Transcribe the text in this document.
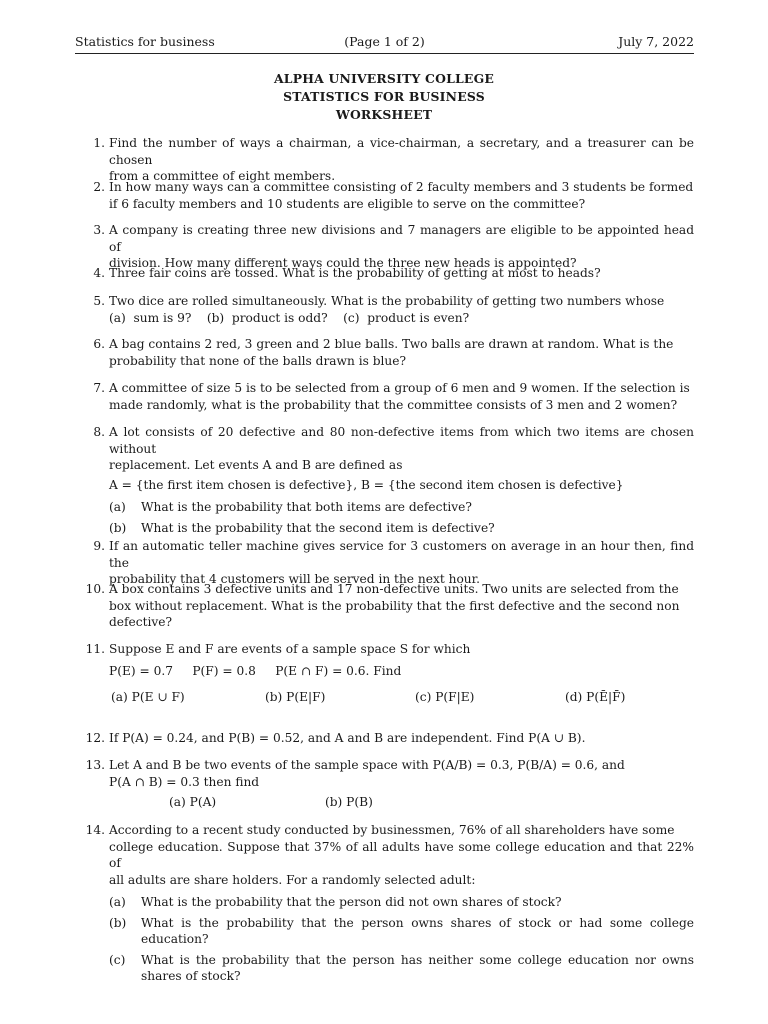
Statistics for business	(Page 1 of 2)	July 7, 2022
ALPHA UNIVERSITY COLLEGE
STATISTICS FOR BUSINESS
WORKSHEET
1. Find the number of ways a chairman, a vice-chairman, a secretary, and a treasurer can be chosen
from a committee of eight members.
2. In how many ways can a committee consisting of 2 faculty members and 3 students be formed
if 6 faculty members and 10 students are eligible to serve on the committee?
3. A company is creating three new divisions and 7 managers are eligible to be appointed head of
division. How many different ways could the three new heads is appointed?
4. Three fair coins are tossed. What is the probability of getting at most to heads?
5. Two dice are rolled simultaneously. What is the probability of getting two numbers whose
(a)  sum is 9?    (b)  product is odd?    (c)  product is even?
6. A bag contains 2 red, 3 green and 2 blue balls. Two balls are drawn at random. What is the
probability that none of the balls drawn is blue?
7. A committee of size 5 is to be selected from a group of 6 men and 9 women. If the selection is
made randomly, what is the probability that the committee consists of 3 men and 2 women?
8. A lot consists of 20 defective and 80 non-defective items from which two items are chosen without
replacement. Let events A and B are defined as
A = {the first item chosen is defective}, B = {the second item chosen is defective}
(a) What is the probability that both items are defective?
(b) What is the probability that the second item is defective?
9. If an automatic teller machine gives service for 3 customers on average in an hour then, find the
probability that 4 customers will be served in the next hour.
10. A box contains 3 defective units and 17 non-defective units. Two units are selected from the
box without replacement. What is the probability that the first defective and the second non
defective?
11. Suppose E and F are events of a sample space S for which
P(E) = 0.7     P(F) = 0.8     P(E ∩ F) = 0.6. Find
(a) P(E ∪ F)	(b) P(E|F)	(c) P(F|E)	(d) P(Ē|F̄)
12. If P(A) = 0.24, and P(B) = 0.52, and A and B are independent. Find P(A ∪ B).
13. Let A and B be two events of the sample space with P(A/B) = 0.3, P(B/A) = 0.6, and
P(A ∩ B) = 0.3 then find
(a) P(A)	(b) P(B)
14. According to a recent study conducted by businessmen, 76% of all shareholders have some
college education. Suppose that 37% of all adults have some college education and that 22% of
all adults are share holders. For a randomly selected adult:
(a) What is the probability that the person did not own shares of stock?
(b) What is the probability that the person owns shares of stock or had some college education?
(c) What is the probability that the person has neither some college education nor owns shares of stock?
